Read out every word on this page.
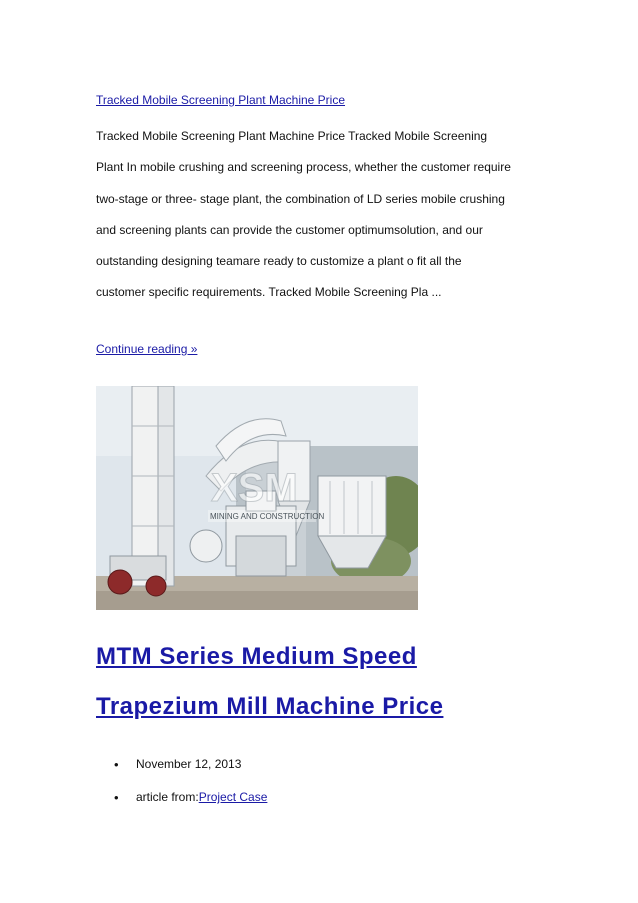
Tracked Mobile Screening Plant Machine Price
Tracked Mobile Screening Plant Machine Price Tracked Mobile Screening
Plant In mobile crushing and screening process, whether the customer require
two-stage or three- stage plant, the combination of LD series mobile crushing
and screening plants can provide the customer optimumsolution, and our
outstanding designing teamare ready to customize a plant o fit all the
customer specific requirements. Tracked Mobile Screening Pla ...
Continue reading »
XSM
MINING AND CONSTRUCTION
MTM Series Medium Speed
Trapezium Mill Machine Price
• November 12, 2013
• article from:Project Case
